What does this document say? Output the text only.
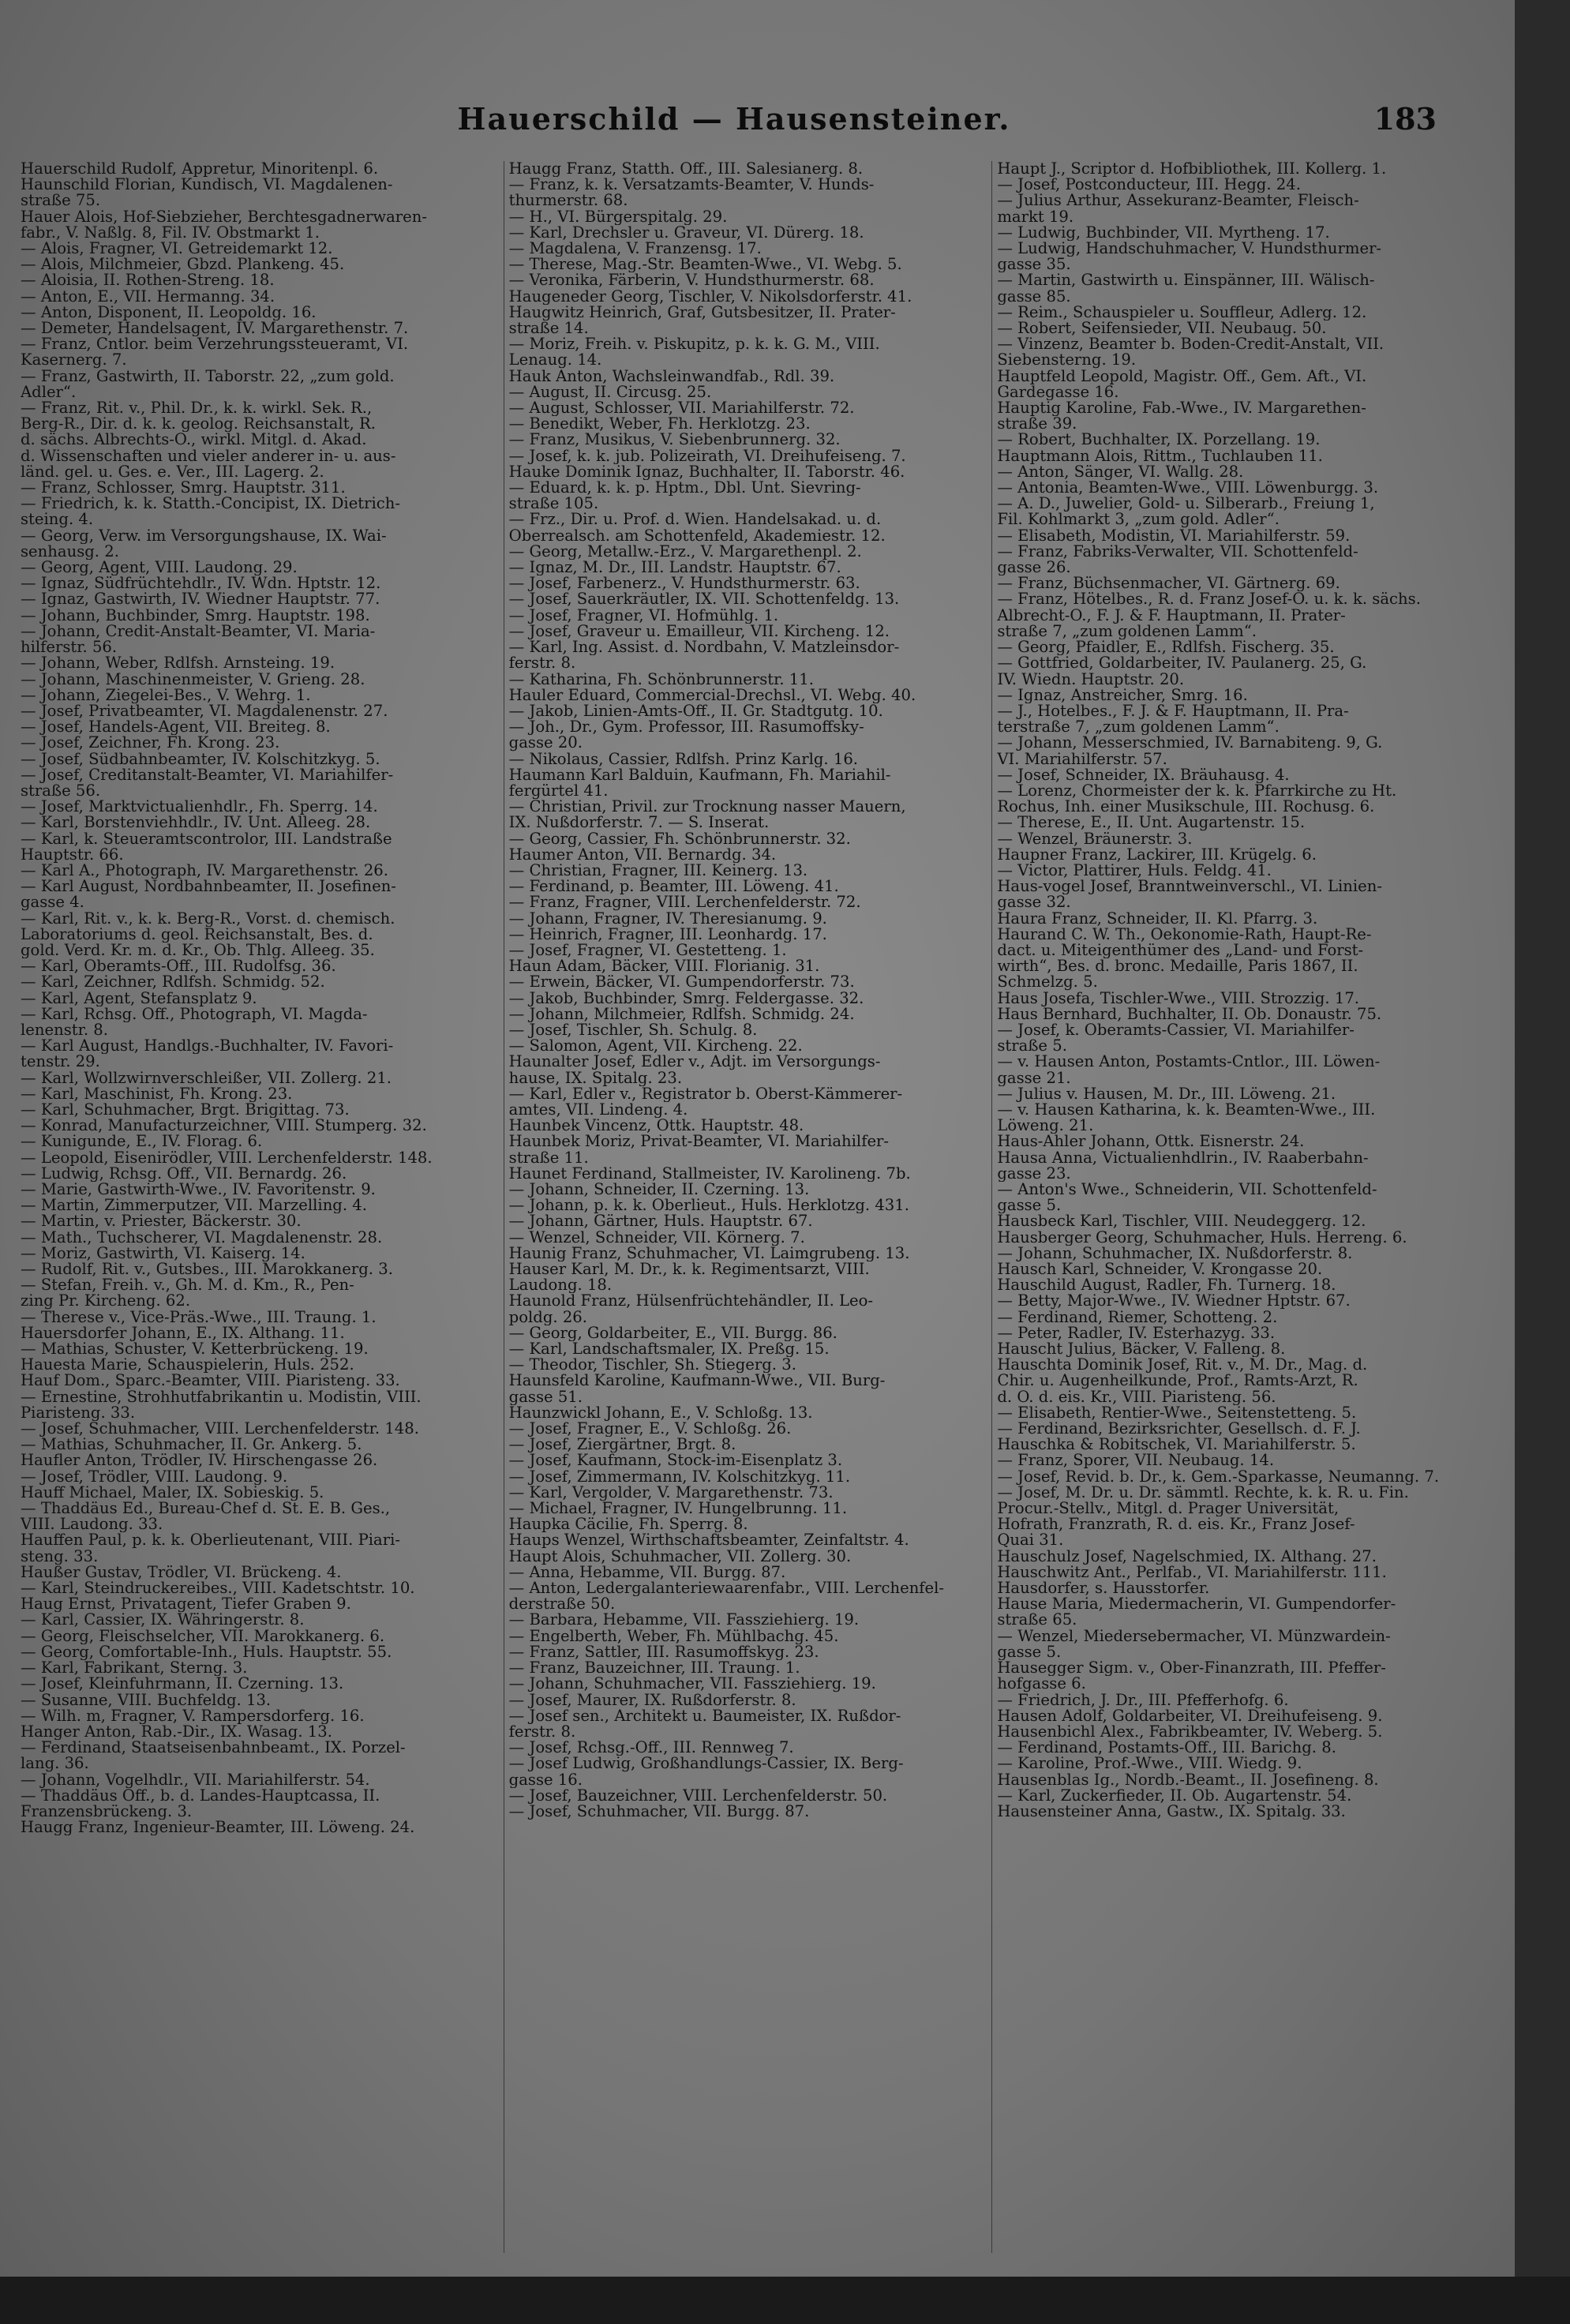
Hauerschild — Hausensteiner.	183
Hauerschild Rudolf, Appretur, Minoritenpl. 6.
Haunschild Florian, Kundisch, VI. Magdalenen-
straße 75.
Hauer Alois, Hof-Siebzieher, Berchtesgadnerwaren-
fabr., V. Naßlg. 8, Fil. IV. Obstmarkt 1.
— Alois, Fragner, VI. Getreidemarkt 12.
— Alois, Milchmeier, Gbzd. Plankeng. 45.
— Aloisia, II. Rothen-Streng. 18.
— Anton, E., VII. Hermanng. 34.
— Anton, Disponent, II. Leopoldg. 16.
— Demeter, Handelsagent, IV. Margarethenstr. 7.
— Franz, Cntlor. beim Verzehrungssteueramt, VI.
Kasernerg. 7.
— Franz, Gastwirth, II. Taborstr. 22, „zum gold.
Adler“.
— Franz, Rit. v., Phil. Dr., k. k. wirkl. Sek. R.,
Berg-R., Dir. d. k. k. geolog. Reichsanstalt, R.
d. sächs. Albrechts-O., wirkl. Mitgl. d. Akad.
d. Wissenschaften und vieler anderer in- u. aus-
länd. gel. u. Ges. e. Ver., III. Lagerg. 2.
— Franz, Schlosser, Smrg. Hauptstr. 311.
— Friedrich, k. k. Statth.-Concipist, IX. Dietrich-
steing. 4.
— Georg, Verw. im Versorgungshause, IX. Wai-
senhausg. 2.
— Georg, Agent, VIII. Laudong. 29.
— Ignaz, Südfrüchtehdlr., IV. Wdn. Hptstr. 12.
— Ignaz, Gastwirth, IV. Wiedner Hauptstr. 77.
— Johann, Buchbinder, Smrg. Hauptstr. 198.
— Johann, Credit-Anstalt-Beamter, VI. Maria-
hilferstr. 56.
— Johann, Weber, Rdlfsh. Arnsteing. 19.
— Johann, Maschinenmeister, V. Grieng. 28.
— Johann, Ziegelei-Bes., V. Wehrg. 1.
— Josef, Privatbeamter, VI. Magdalenenstr. 27.
— Josef, Handels-Agent, VII. Breiteg. 8.
— Josef, Zeichner, Fh. Krong. 23.
— Josef, Südbahnbeamter, IV. Kolschitzkyg. 5.
— Josef, Creditanstalt-Beamter, VI. Mariahilfer-
straße 56.
— Josef, Marktvictualienhdlr., Fh. Sperrg. 14.
— Karl, Borstenviehhdlr., IV. Unt. Alleeg. 28.
— Karl, k. Steueramtscontrolor, III. Landstraße
Hauptstr. 66.
— Karl A., Photograph, IV. Margarethenstr. 26.
— Karl August, Nordbahnbeamter, II. Josefinen-
gasse 4.
— Karl, Rit. v., k. k. Berg-R., Vorst. d. chemisch.
Laboratoriums d. geol. Reichsanstalt, Bes. d.
gold. Verd. Kr. m. d. Kr., Ob. Thlg. Alleeg. 35.
— Karl, Oberamts-Off., III. Rudolfsg. 36.
— Karl, Zeichner, Rdlfsh. Schmidg. 52.
— Karl, Agent, Stefansplatz 9.
— Karl, Rchsg. Off., Photograph, VI. Magda-
lenenstr. 8.
— Karl August, Handlgs.-Buchhalter, IV. Favori-
tenstr. 29.
— Karl, Wollzwirnverschleißer, VII. Zollerg. 21.
— Karl, Maschinist, Fh. Krong. 23.
— Karl, Schuhmacher, Brgt. Brigittag. 73.
— Konrad, Manufacturzeichner, VIII. Stumperg. 32.
— Kunigunde, E., IV. Florag. 6.
— Leopold, Eisenirödler, VIII. Lerchenfelderstr. 148.
— Ludwig, Rchsg. Off., VII. Bernardg. 26.
— Marie, Gastwirth-Wwe., IV. Favoritenstr. 9.
— Martin, Zimmerputzer, VII. Marzelling. 4.
— Martin, v. Priester, Bäckerstr. 30.
— Math., Tuchscherer, VI. Magdalenenstr. 28.
— Moriz, Gastwirth, VI. Kaiserg. 14.
— Rudolf, Rit. v., Gutsbes., III. Marokkanerg. 3.
— Stefan, Freih. v., Gh. M. d. Km., R., Pen-
zing Pr. Kircheng. 62.
— Therese v., Vice-Präs.-Wwe., III. Traung. 1.
Hauersdorfer Johann, E., IX. Althang. 11.
— Mathias, Schuster, V. Ketterbrückeng. 19.
Hauesta Marie, Schauspielerin, Huls. 252.
Hauf Dom., Sparc.-Beamter, VIII. Piaristeng. 33.
— Ernestine, Strohhutfabrikantin u. Modistin, VIII.
Piaristeng. 33.
— Josef, Schuhmacher, VIII. Lerchenfelderstr. 148.
— Mathias, Schuhmacher, II. Gr. Ankerg. 5.
Haufler Anton, Trödler, IV. Hirschengasse 26.
— Josef, Trödler, VIII. Laudong. 9.
Hauff Michael, Maler, IX. Sobieskig. 5.
— Thaddäus Ed., Bureau-Chef d. St. E. B. Ges.,
VIII. Laudong. 33.
Hauffen Paul, p. k. k. Oberlieutenant, VIII. Piari-
steng. 33.
Haußer Gustav, Trödler, VI. Brückeng. 4.
— Karl, Steindruckereibes., VIII. Kadetschtstr. 10.
Haug Ernst, Privatagent, Tiefer Graben 9.
— Karl, Cassier, IX. Währingerstr. 8.
— Georg, Fleischselcher, VII. Marokkanerg. 6.
— Georg, Comfortable-Inh., Huls. Hauptstr. 55.
— Karl, Fabrikant, Sterng. 3.
— Josef, Kleinfuhrmann, II. Czerning. 13.
— Susanne, VIII. Buchfeldg. 13.
— Wilh. m, Fragner, V. Rampersdorferg. 16.
Hanger Anton, Rab.-Dir., IX. Wasag. 13.
— Ferdinand, Staatseisenbahnbeamt., IX. Porzel-
lang. 36.
— Johann, Vogelhdlr., VII. Mariahilferstr. 54.
— Thaddäus Off., b. d. Landes-Hauptcassa, II.
Franzensbrückeng. 3.
Haugg Franz, Ingenieur-Beamter, III. Löweng. 24.
Haugg Franz, Statth. Off., III. Salesianerg. 8.
— Franz, k. k. Versatzamts-Beamter, V. Hunds-
thurmerstr. 68.
— H., VI. Bürgerspitalg. 29.
— Karl, Drechsler u. Graveur, VI. Dürerg. 18.
— Magdalena, V. Franzensg. 17.
— Therese, Mag.-Str. Beamten-Wwe., VI. Webg. 5.
— Veronika, Färberin, V. Hundsthurmerstr. 68.
Haugeneder Georg, Tischler, V. Nikolsdorferstr. 41.
Haugwitz Heinrich, Graf, Gutsbesitzer, II. Prater-
straße 14.
— Moriz, Freih. v. Piskupitz, p. k. k. G. M., VIII.
Lenaug. 14.
Hauk Anton, Wachsleinwandfab., Rdl. 39.
— August, II. Circusg. 25.
— August, Schlosser, VII. Mariahilferstr. 72.
— Benedikt, Weber, Fh. Herklotzg. 23.
— Franz, Musikus, V. Siebenbrunnerg. 32.
— Josef, k. k. jub. Polizeirath, VI. Dreihufeiseng. 7.
Hauke Dominik Ignaz, Buchhalter, II. Taborstr. 46.
— Eduard, k. k. p. Hptm., Dbl. Unt. Sievring-
straße 105.
— Frz., Dir. u. Prof. d. Wien. Handelsakad. u. d.
Oberrealsch. am Schottenfeld, Akademiestr. 12.
— Georg, Metallw.-Erz., V. Margarethenpl. 2.
— Ignaz, M. Dr., III. Landstr. Hauptstr. 67.
— Josef, Farbenerz., V. Hundsthurmerstr. 63.
— Josef, Sauerkräutler, IX. VII. Schottenfeldg. 13.
— Josef, Fragner, VI. Hofmühlg. 1.
— Josef, Graveur u. Emailleur, VII. Kircheng. 12.
— Karl, Ing. Assist. d. Nordbahn, V. Matzleinsdor-
ferstr. 8.
— Katharina, Fh. Schönbrunnerstr. 11.
Hauler Eduard, Commercial-Drechsl., VI. Webg. 40.
— Jakob, Linien-Amts-Off., II. Gr. Stadtgutg. 10.
— Joh., Dr., Gym. Professor, III. Rasumoffsky-
gasse 20.
— Nikolaus, Cassier, Rdlfsh. Prinz Karlg. 16.
Haumann Karl Balduin, Kaufmann, Fh. Mariahil-
fergürtel 41.
— Christian, Privil. zur Trocknung nasser Mauern,
IX. Nußdorferstr. 7. — S. Inserat.
— Georg, Cassier, Fh. Schönbrunnerstr. 32.
Haumer Anton, VII. Bernardg. 34.
— Christian, Fragner, III. Keinerg. 13.
— Ferdinand, p. Beamter, III. Löweng. 41.
— Franz, Fragner, VIII. Lerchenfelderstr. 72.
— Johann, Fragner, IV. Theresianumg. 9.
— Heinrich, Fragner, III. Leonhardg. 17.
— Josef, Fragner, VI. Gestetteng. 1.
Haun Adam, Bäcker, VIII. Florianig. 31.
— Erwein, Bäcker, VI. Gumpendorferstr. 73.
— Jakob, Buchbinder, Smrg. Feldergasse. 32.
— Johann, Milchmeier, Rdlfsh. Schmidg. 24.
— Josef, Tischler, Sh. Schulg. 8.
— Salomon, Agent, VII. Kircheng. 22.
Haunalter Josef, Edler v., Adjt. im Versorgungs-
hause, IX. Spitalg. 23.
— Karl, Edler v., Registrator b. Oberst-Kämmerer-
amtes, VII. Lindeng. 4.
Haunbek Vincenz, Ottk. Hauptstr. 48.
Haunbek Moriz, Privat-Beamter, VI. Mariahilfer-
straße 11.
Haunet Ferdinand, Stallmeister, IV. Karolineng. 7b.
— Johann, Schneider, II. Czerning. 13.
— Johann, p. k. k. Oberlieut., Huls. Herklotzg. 431.
— Johann, Gärtner, Huls. Hauptstr. 67.
— Wenzel, Schneider, VII. Körnerg. 7.
Haunig Franz, Schuhmacher, VI. Laimgrubeng. 13.
Hauser Karl, M. Dr., k. k. Regimentsarzt, VIII.
Laudong. 18.
Haunold Franz, Hülsenfrüchtehändler, II. Leo-
poldg. 26.
— Georg, Goldarbeiter, E., VII. Burgg. 86.
— Karl, Landschaftsmaler, IX. Preßg. 15.
— Theodor, Tischler, Sh. Stiegerg. 3.
Haunsfeld Karoline, Kaufmann-Wwe., VII. Burg-
gasse 51.
Haunzwickl Johann, E., V. Schloßg. 13.
— Josef, Fragner, E., V. Schloßg. 26.
— Josef, Ziergärtner, Brgt. 8.
— Josef, Kaufmann, Stock-im-Eisenplatz 3.
— Josef, Zimmermann, IV. Kolschitzkyg. 11.
— Karl, Vergolder, V. Margarethenstr. 73.
— Michael, Fragner, IV. Hungelbrunng. 11.
Haupka Cäcilie, Fh. Sperrg. 8.
Haups Wenzel, Wirthschaftsbeamter, Zeinfaltstr. 4.
Haupt Alois, Schuhmacher, VII. Zollerg. 30.
— Anna, Hebamme, VII. Burgg. 87.
— Anton, Ledergalanteriewaarenfabr., VIII. Lerchenfel-
derstraße 50.
— Barbara, Hebamme, VII. Fassziehierg. 19.
— Engelberth, Weber, Fh. Mühlbachg. 45.
— Franz, Sattler, III. Rasumoffskyg. 23.
— Franz, Bauzeichner, III. Traung. 1.
— Johann, Schuhmacher, VII. Fassziehierg. 19.
— Josef, Maurer, IX. Rußdorferstr. 8.
— Josef sen., Architekt u. Baumeister, IX. Rußdor-
ferstr. 8.
— Josef, Rchsg.-Off., III. Rennweg 7.
— Josef Ludwig, Großhandlungs-Cassier, IX. Berg-
gasse 16.
— Josef, Bauzeichner, VIII. Lerchenfelderstr. 50.
— Josef, Schuhmacher, VII. Burgg. 87.
Haupt J., Scriptor d. Hofbibliothek, III. Kollerg. 1.
— Josef, Postconducteur, III. Hegg. 24.
— Julius Arthur, Assekuranz-Beamter, Fleisch-
markt 19.
— Ludwig, Buchbinder, VII. Myrtheng. 17.
— Ludwig, Handschuhmacher, V. Hundsthurmer-
gasse 35.
— Martin, Gastwirth u. Einspänner, III. Wälisch-
gasse 85.
— Reim., Schauspieler u. Souffleur, Adlerg. 12.
— Robert, Seifensieder, VII. Neubaug. 50.
— Vinzenz, Beamter b. Boden-Credit-Anstalt, VII.
Siebensterng. 19.
Hauptfeld Leopold, Magistr. Off., Gem. Aft., VI.
Gardegasse 16.
Hauptig Karoline, Fab.-Wwe., IV. Margarethen-
straße 39.
— Robert, Buchhalter, IX. Porzellang. 19.
Hauptmann Alois, Rittm., Tuchlauben 11.
— Anton, Sänger, VI. Wallg. 28.
— Antonia, Beamten-Wwe., VIII. Löwenburgg. 3.
— A. D., Juwelier, Gold- u. Silberarb., Freiung 1,
Fil. Kohlmarkt 3, „zum gold. Adler“.
— Elisabeth, Modistin, VI. Mariahilferstr. 59.
— Franz, Fabriks-Verwalter, VII. Schottenfeld-
gasse 26.
— Franz, Büchsenmacher, VI. Gärtnerg. 69.
— Franz, Hötelbes., R. d. Franz Josef-O. u. k. k. sächs.
Albrecht-O., F. J. & F. Hauptmann, II. Prater-
straße 7, „zum goldenen Lamm“.
— Georg, Pfaidler, E., Rdlfsh. Fischerg. 35.
— Gottfried, Goldarbeiter, IV. Paulanerg. 25, G.
IV. Wiedn. Hauptstr. 20.
— Ignaz, Anstreicher, Smrg. 16.
— J., Hotelbes., F. J. & F. Hauptmann, II. Pra-
terstraße 7, „zum goldenen Lamm“.
— Johann, Messerschmied, IV. Barnabiteng. 9, G.
VI. Mariahilferstr. 57.
— Josef, Schneider, IX. Bräuhausg. 4.
— Lorenz, Chormeister der k. k. Pfarrkirche zu Ht.
Rochus, Inh. einer Musikschule, III. Rochusg. 6.
— Therese, E., II. Unt. Augartenstr. 15.
— Wenzel, Bräunerstr. 3.
Haupner Franz, Lackirer, III. Krügelg. 6.
— Victor, Plattirer, Huls. Feldg. 41.
Haus-vogel Josef, Branntweinverschl., VI. Linien-
gasse 32.
Haura Franz, Schneider, II. Kl. Pfarrg. 3.
Haurand C. W. Th., Oekonomie-Rath, Haupt-Re-
dact. u. Miteigenthümer des „Land- und Forst-
wirth“, Bes. d. bronc. Medaille, Paris 1867, II.
Schmelzg. 5.
Haus Josefa, Tischler-Wwe., VIII. Strozzig. 17.
Haus Bernhard, Buchhalter, II. Ob. Donaustr. 75.
— Josef, k. Oberamts-Cassier, VI. Mariahilfer-
straße 5.
— v. Hausen Anton, Postamts-Cntlor., III. Löwen-
gasse 21.
— Julius v. Hausen, M. Dr., III. Löweng. 21.
— v. Hausen Katharina, k. k. Beamten-Wwe., III.
Löweng. 21.
Haus-Ahler Johann, Ottk. Eisnerstr. 24.
Hausa Anna, Victualienhdlrin., IV. Raaberbahn-
gasse 23.
— Anton's Wwe., Schneiderin, VII. Schottenfeld-
gasse 5.
Hausbeck Karl, Tischler, VIII. Neudeggerg. 12.
Hausberger Georg, Schuhmacher, Huls. Herreng. 6.
— Johann, Schuhmacher, IX. Nußdorferstr. 8.
Hausch Karl, Schneider, V. Krongasse 20.
Hauschild August, Radler, Fh. Turnerg. 18.
— Betty, Major-Wwe., IV. Wiedner Hptstr. 67.
— Ferdinand, Riemer, Schotteng. 2.
— Peter, Radler, IV. Esterhazyg. 33.
Hauscht Julius, Bäcker, V. Falleng. 8.
Hauschta Dominik Josef, Rit. v., M. Dr., Mag. d.
Chir. u. Augenheilkunde, Prof., Ramts-Arzt, R.
d. O. d. eis. Kr., VIII. Piaristeng. 56.
— Elisabeth, Rentier-Wwe., Seitenstetteng. 5.
— Ferdinand, Bezirksrichter, Gesellsch. d. F. J.
Hauschka & Robitschek, VI. Mariahilferstr. 5.
— Franz, Sporer, VII. Neubaug. 14.
— Josef, Revid. b. Dr., k. Gem.-Sparkasse, Neumanng. 7.
— Josef, M. Dr. u. Dr. sämmtl. Rechte, k. k. R. u. Fin.
Procur.-Stellv., Mitgl. d. Prager Universität,
Hofrath, Franzrath, R. d. eis. Kr., Franz Josef-
Quai 31.
Hauschulz Josef, Nagelschmied, IX. Althang. 27.
Hauschwitz Ant., Perlfab., VI. Mariahilferstr. 111.
Hausdorfer, s. Hausstorfer.
Hause Maria, Miedermacherin, VI. Gumpendorfer-
straße 65.
— Wenzel, Miedersebermacher, VI. Münzwardein-
gasse 5.
Hausegger Sigm. v., Ober-Finanzrath, III. Pfeffer-
hofgasse 6.
— Friedrich, J. Dr., III. Pfefferhofg. 6.
Hausen Adolf, Goldarbeiter, VI. Dreihufeiseng. 9.
Hausenbichl Alex., Fabrikbeamter, IV. Weberg. 5.
— Ferdinand, Postamts-Off., III. Barichg. 8.
— Karoline, Prof.-Wwe., VIII. Wiedg. 9.
Hausenblas Ig., Nordb.-Beamt., II. Josefineng. 8.
— Karl, Zuckerfieder, II. Ob. Augartenstr. 54.
Hausensteiner Anna, Gastw., IX. Spitalg. 33.
